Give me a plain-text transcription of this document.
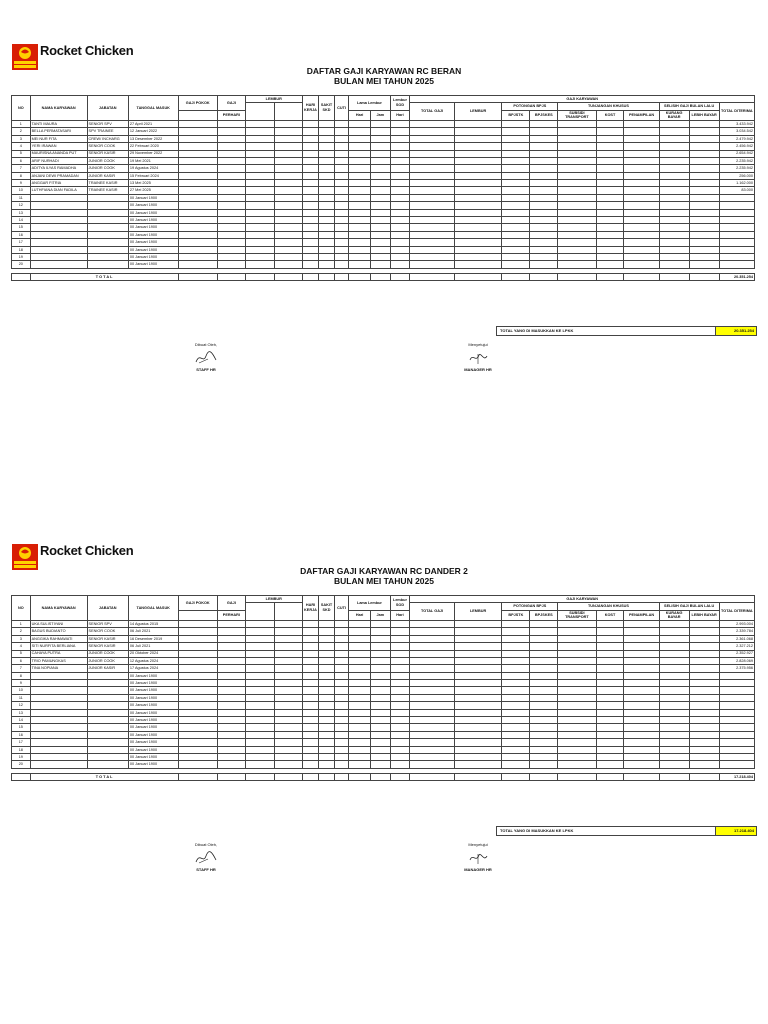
Rocket Chicken
DAFTAR GAJI KARYAWAN RC BERAN
BULAN MEI TAHUN 2025
NO	NAMA KARYAWAN	JABATAN	TANGGAL MASUK	GAJI POKOK	GAJI	LEMBUR		HARI KERJA	SAKIT SKD	CUTI	Lama Lembur		Lembur SOD	GAJI KARYAWAN									
														TOTAL GAJI	LEMBUR	POTONGAN BPJS		TUNJANGAN KHUSUS			SELISIH GAJI BULAN LALU		TOTAL DITERIMA
					PERHARI						Hari	Jam	Hari			BPJSTK	BPJSKES	SUBSIDI TRANSPORT	KOST	PENAMPILAN	KURANG BAYAR	LEBIH BAYAR	
1	TANTI MAURA	SENIOR SPV	27 April 2021																				3.433.942
2	BELLA PERMATASARI	SPV TRAINEE	12 Januari 2022																				3.034.542
3	MEI NUR FITA	CREW/ INCHARG	13 Desember 2022																				2.479.942
4	YERI IRAWAN	SENIOR COOK	22 Februari 2020																				2.456.942
5	MAURISNA ANANDA PUT	SENIOR KASIR	29 November 2022																				2.654.942
6	ARIF NURHADI	JUNIOR COOK	19 Mei 2021																				2.235.942
7	ADITYA ILYAS RAMADHA	JUNIOR COOK	19 Agustus 2024																				2.235.942
8	ANJANI DEWI PRAMADAN	JUNIOR KASIR	15 Februari 2024																				256.000
9	ANGGAR FITRIA	TRAINEE KASIR	13 Mei 2025																				1.162.000
10	LUTHFIANA DIAN FADILA	TRAINEE KASIR	27 Mei 2025																				83.000
11			00 Januari 1900																				
12			00 Januari 1900																				
13			00 Januari 1900																				
14			00 Januari 1900																				
15			00 Januari 1900																				
16			00 Januari 1900																				
17			00 Januari 1900																				
18			00 Januari 1900																				
19			00 Januari 1900																				
20			00 Januari 1900																				

	T O T A L																						20.351.254
TOTAL YANG DI MASUKKAN KE LPKK	20.351.254
Dibuat Oleh,
STAFF HR
Menyetujui
MANAGER HR
Rocket Chicken
DAFTAR GAJI KARYAWAN RC DANDER 2
BULAN MEI TAHUN 2025
NO	NAMA KARYAWAN	JABATAN	TANGGAL MASUK	GAJI POKOK	GAJI	LEMBUR		HARI KERJA	SAKIT SKD	CUTI	Lama Lembur		Lembur SOD	GAJI KARYAWAN									
														TOTAL GAJI	LEMBUR	POTONGAN BPJS		TUNJANGAN KHUSUS			SELISIH GAJI BULAN LALU		TOTAL DITERIMA
					PERHARI						Hari	Jam	Hari			BPJSTK	BPJSKES	SUBSIDI TRANSPORT	KOST	PENAMPILAN	KURANG BAYAR	LEBIH BAYAR	
1	UKA SULISTIYANI	SENIOR SPV	14 Agustus 2015																				2.993.004
2	BAGUS BUDIANTO	SENIOR COOK	06 Juli 2021																				2.339.784
3	ANGGIKA RAHMAWATI	SENIOR KASIR	16 Desember 2019																				2.361.068
4	SITI NURFITA BERLIANA	SENIOR KASIR	06 Juli 2021																				2.327.212
5	CAHAYA PUTRA	JUNIOR COOK	20 Oktober 2024																				2.352.927
6	TRIO PAMUNGKAS	JUNIOR COOK	12 Agustus 2024																				2.828.069
7	TINA NOPIANA	JUNIOR KASIR	17 Agustus 2024																				2.375.956
8			00 Januari 1900																				
9			00 Januari 1900																				
10			00 Januari 1900																				
11			00 Januari 1900																				
12			00 Januari 1900																				
13			00 Januari 1900																				
14			00 Januari 1900																				
15			00 Januari 1900																				
16			00 Januari 1900																				
17			00 Januari 1900																				
18			00 Januari 1900																				
19			00 Januari 1900																				
20			00 Januari 1900																				

	T O T A L																						17.218.404
TOTAL YANG DI MASUKKAN KE LPKK	17.218.404
Dibuat Oleh,
STAFF HR
Menyetujui
MANAGER HR
